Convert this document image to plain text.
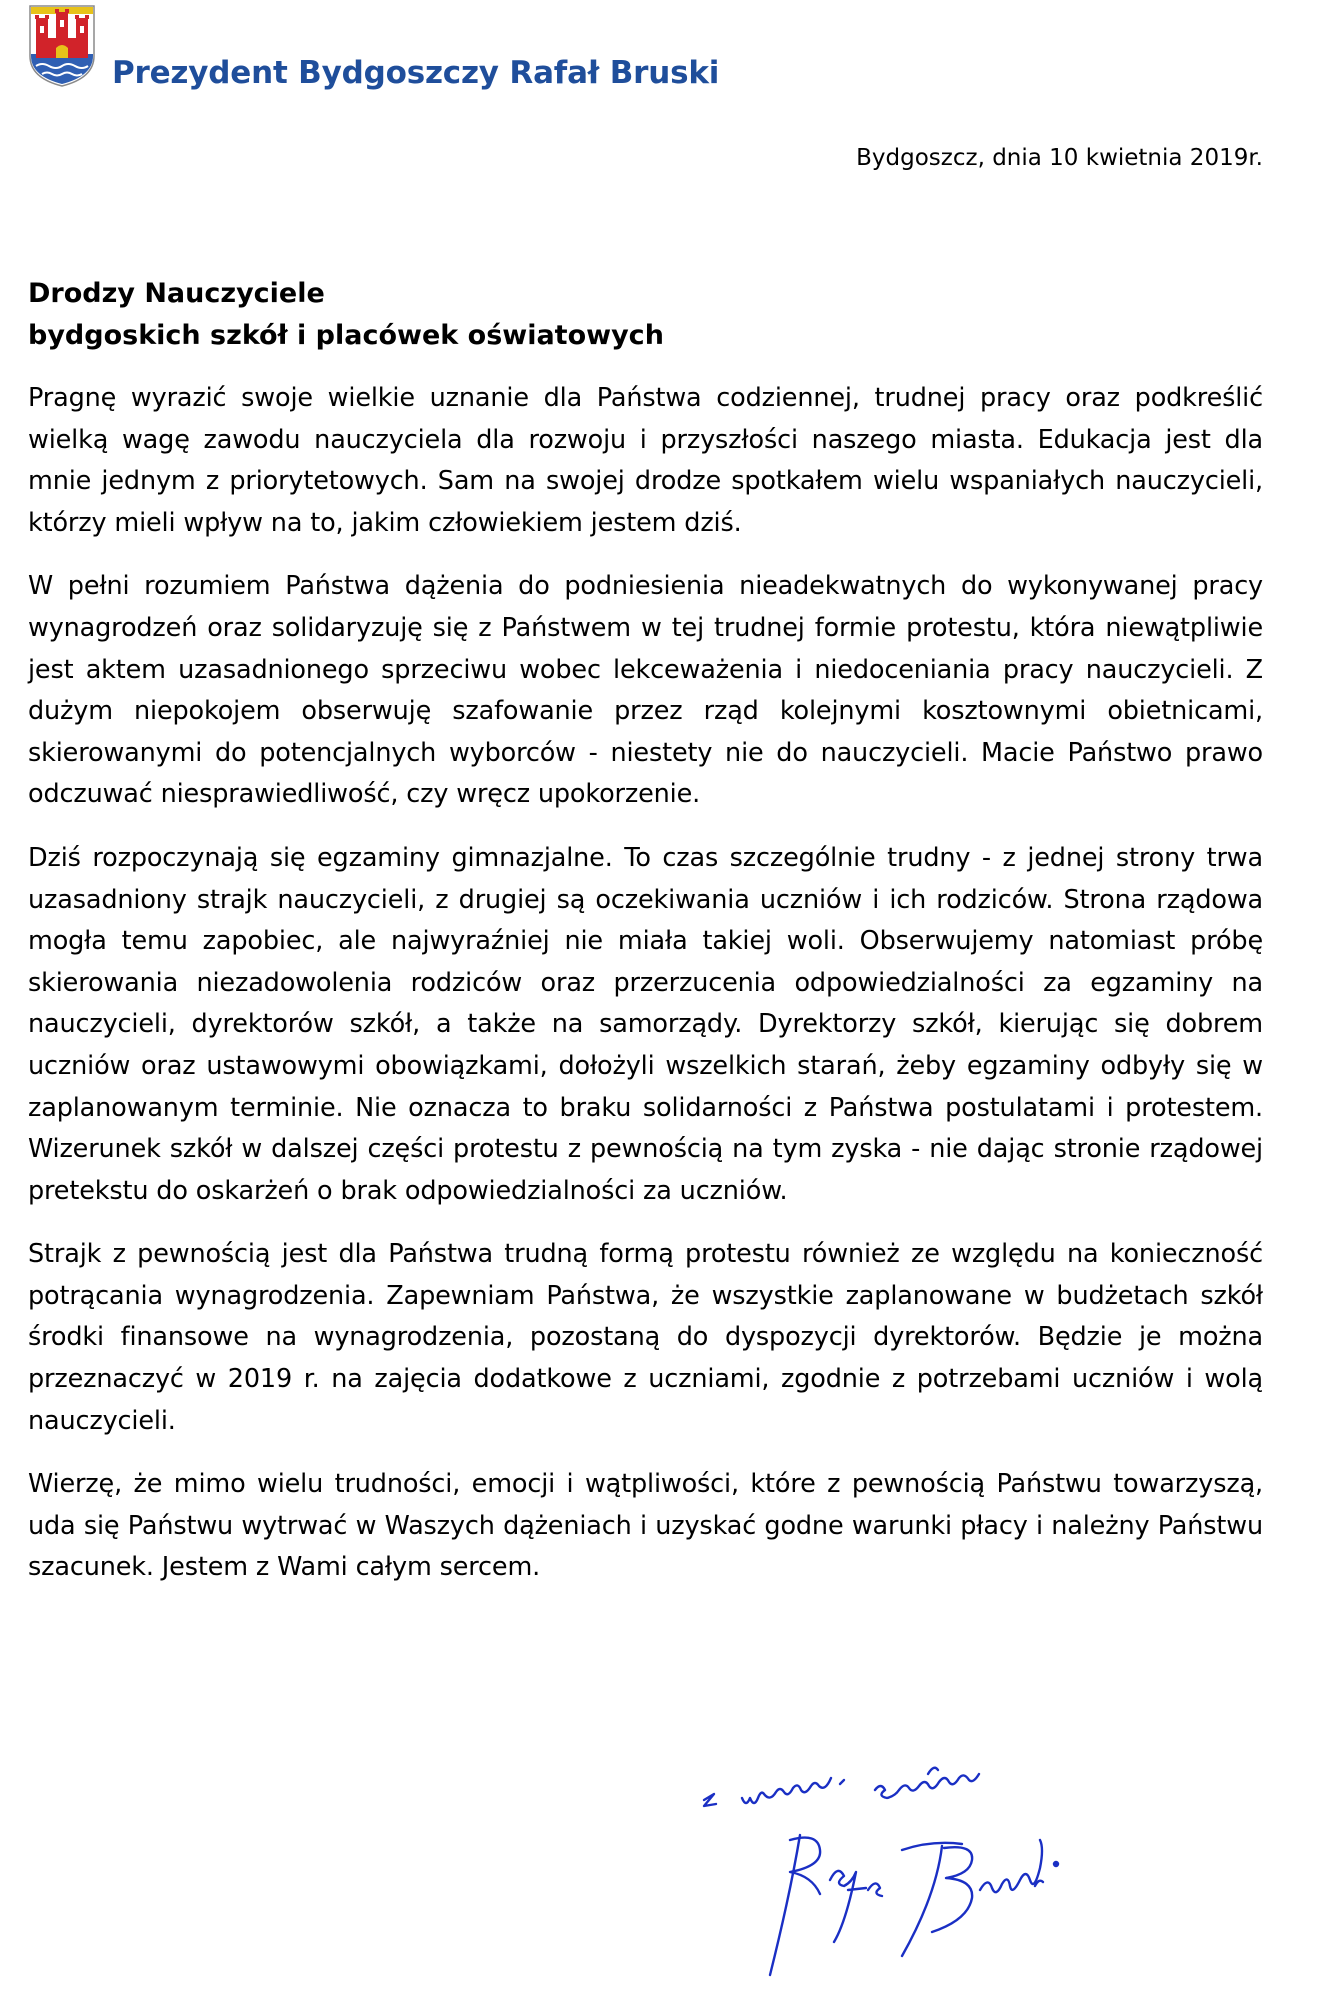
Prezydent Bydgoszczy Rafał Bruski
Bydgoszcz, dnia 10 kwietnia 2019r.
Drodzy Nauczyciele
bydgoskich szkół i placówek oświatowych

Pragnę wyrazić swoje wielkie uznanie dla Państwa codziennej, trudnej pracy oraz podkreślić wielką wagę zawodu nauczyciela dla rozwoju i przyszłości naszego miasta. Edukacja jest dla mnie jednym z priorytetowych. Sam na swojej drodze spotkałem wielu wspaniałych nauczycieli, którzy mieli wpływ na to, jakim człowiekiem jestem dziś.

W pełni rozumiem Państwa dążenia do podniesienia nieadekwatnych do wykonywanej pracy wynagrodzeń oraz solidaryzuję się z Państwem w tej trudnej formie protestu, która niewątpliwie jest aktem uzasadnionego sprzeciwu wobec lekceważenia i niedoceniania pracy nauczycieli. Z dużym niepokojem obserwuję szafowanie przez rząd kolejnymi kosztownymi obietnicami, skierowanymi do potencjalnych wyborców - niestety nie do nauczycieli. Macie Państwo prawo odczuwać niesprawiedliwość, czy wręcz upokorzenie.

Dziś rozpoczynają się egzaminy gimnazjalne. To czas szczególnie trudny - z jednej strony trwa uzasadniony strajk nauczycieli, z drugiej są oczekiwania uczniów i ich rodziców. Strona rządowa mogła temu zapobiec, ale najwyraźniej nie miała takiej woli. Obserwujemy natomiast próbę skierowania niezadowolenia rodziców oraz przerzucenia odpowiedzialności za egzaminy na nauczycieli, dyrektorów szkół, a także na samorządy. Dyrektorzy szkół, kierując się dobrem uczniów oraz ustawowymi obowiązkami, dołożyli wszelkich starań, żeby egzaminy odbyły się w zaplanowanym terminie. Nie oznacza to braku solidarności z Państwa postulatami i protestem. Wizerunek szkół w dalszej części protestu z pewnością na tym zyska - nie dając stronie rządowej pretekstu do oskarżeń o brak odpowiedzialności za uczniów.

Strajk z pewnością jest dla Państwa trudną formą protestu również ze względu na konieczność potrącania wynagrodzenia. Zapewniam Państwa, że wszystkie zaplanowane w budżetach szkół środki finansowe na wynagrodzenia, pozostaną do dyspozycji dyrektorów. Będzie je można przeznaczyć w 2019 r. na zajęcia dodatkowe z uczniami, zgodnie z potrzebami uczniów i wolą nauczycieli.

Wierzę, że mimo wielu trudności, emocji i wątpliwości, które z pewnością Państwu towarzyszą, uda się Państwu wytrwać w Waszych dążeniach i uzyskać godne warunki płacy i należny Państwu szacunek. Jestem z Wami całym sercem.
